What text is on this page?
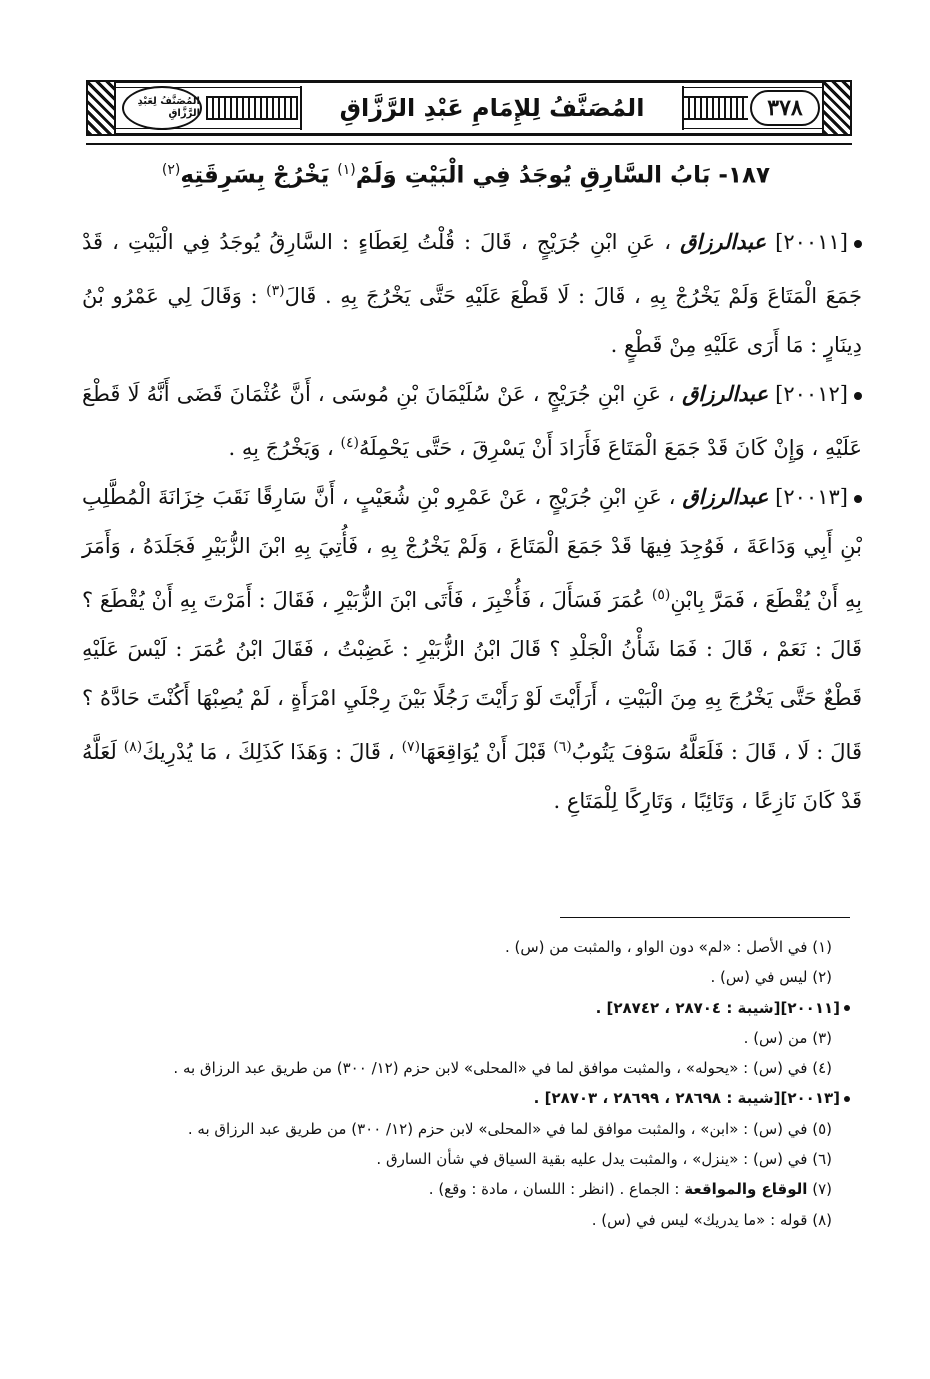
٣٧٨
المُصَنَّفُ لِلإِمَامِ عَبْدِ الرَّزَّاقِ
المُصَنَّفُ لِعَبْدِ الرَّزَّاقِ
١٨٧- بَابُ السَّارِقِ يُوجَدُ فِي الْبَيْتِ وَلَمْ$^{(١)}$ يَخْرُجْ بِسَرِقَتِهِ$^{(٢)}$
[٢٠٠١١] عبدالرزاق ، عَنِ ابْنِ جُرَيْجٍ ، قَالَ : قُلْتُ لِعَطَاءٍ : السَّارِقُ يُوجَدُ فِي الْبَيْتِ ، قَدْ جَمَعَ الْمَتَاعَ وَلَمْ يَخْرُجْ بِهِ ، قَالَ : لَا قَطْعَ عَلَيْهِ حَتَّى يَخْرُجَ بِهِ . قَالَ$^{(٣)}$ : وَقَالَ لِي عَمْرُو بْنُ دِينَارٍ : مَا أَرَى عَلَيْهِ مِنْ قَطْعٍ .
[٢٠٠١٢] عبدالرزاق ، عَنِ ابْنِ جُرَيْجٍ ، عَنْ سُلَيْمَانَ بْنِ مُوسَى ، أَنَّ عُثْمَانَ قَضَى أَنَّهُ لَا قَطْعَ عَلَيْهِ ، وَإِنْ كَانَ قَدْ جَمَعَ الْمَتَاعَ فَأَرَادَ أَنْ يَسْرِقَ ، حَتَّى يَحْمِلَهُ$^{(٤)}$ ، وَيَخْرُجَ بِهِ .
[٢٠٠١٣] عبدالرزاق ، عَنِ ابْنِ جُرَيْجٍ ، عَنْ عَمْرِو بْنِ شُعَيْبٍ ، أَنَّ سَارِقًا نَقَبَ خِزَانَةَ الْمُطَّلِبِ بْنِ أَبِي وَدَاعَةَ ، فَوُجِدَ فِيهَا قَدْ جَمَعَ الْمَتَاعَ ، وَلَمْ يَخْرُجْ بِهِ ، فَأُتِيَ بِهِ ابْنَ الزُّبَيْرِ فَجَلَدَهُ ، وَأَمَرَ بِهِ أَنْ يُقْطَعَ ، فَمَرَّ بِابْنِ$^{(٥)}$ عُمَرَ فَسَأَلَ ، فَأُخْبِرَ ، فَأَتَى ابْنَ الزُّبَيْرِ ، فَقَالَ : أَمَرْتَ بِهِ أَنْ يُقْطَعَ ؟ قَالَ : نَعَمْ ، قَالَ : فَمَا شَأْنُ الْجَلْدِ ؟ قَالَ ابْنُ الزُّبَيْرِ : غَضِبْتُ ، فَقَالَ ابْنُ عُمَرَ : لَيْسَ عَلَيْهِ قَطْعٌ حَتَّى يَخْرُجَ بِهِ مِنَ الْبَيْتِ ، أَرَأَيْتَ لَوْ رَأَيْتَ رَجُلًا بَيْنَ رِجْلَيِ امْرَأَةٍ ، لَمْ يُصِبْهَا أَكُنْتَ حَادَّهُ ؟ قَالَ : لَا ، قَالَ : فَلَعَلَّهُ سَوْفَ يَتُوبُ$^{(٦)}$ قَبْلَ أَنْ يُوَاقِعَهَا$^{(٧)}$ ، قَالَ : وَهَذَا كَذَلِكَ ، مَا يُدْرِيكَ$^{(٨)}$ لَعَلَّهُ قَدْ كَانَ نَازِعًا ، وَتَائِبًا ، وَتَارِكًا لِلْمَتَاعِ .
(١) في الأصل : «لم» دون الواو ، والمثبت من (س) .
(٢) ليس في (س) .
[٢٠٠١١][شيبة : ٢٨٧٠٤ ، ٢٨٧٤٢] .
(٣) من (س) .
(٤) في (س) : «يحوله» ، والمثبت موافق لما في «المحلى» لابن حزم (١٢/ ٣٠٠) من طريق عبد الرزاق به .
[٢٠٠١٣][شيبة : ٢٨٦٩٨ ، ٢٨٦٩٩ ، ٢٨٧٠٣] .
(٥) في (س) : «ابن» ، والمثبت موافق لما في «المحلى» لابن حزم (١٢/ ٣٠٠) من طريق عبد الرزاق به .
(٦) في (س) : «ينزل» ، والمثبت يدل عليه بقية السياق في شأن السارق .
(٧) الوقاع والمواقعة : الجماع . (انظر : اللسان ، مادة : وقع) .
(٨) قوله : «ما يدريك» ليس في (س) .
